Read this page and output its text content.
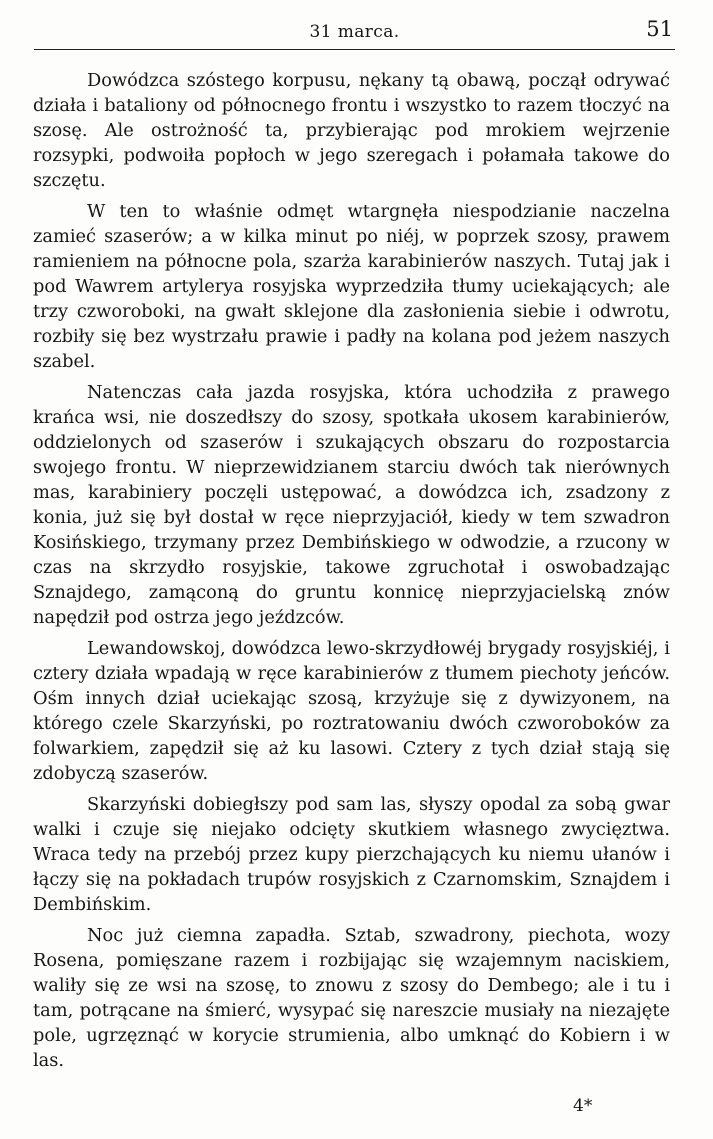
31 marca.	51

Dowódzca szóstego korpusu, nękany tą obawą, począł odrywać działa i bataliony od północnego frontu i wszystko to razem tłoczyć na szosę. Ale ostrożność ta, przybierając pod mrokiem wejrzenie rozsypki, podwoiła popłoch w jego szeregach i połamała takowe do szczętu.

W ten to właśnie odmęt wtargnęła niespodzianie naczelna zamieć szaserów; a w kilka minut po niéj, w poprzek szosy, prawem ramieniem na północne pola, szarża karabinierów naszych. Tutaj jak i pod Wawrem artylerya rosyjska wyprzedziła tłumy uciekających; ale trzy czworoboki, na gwałt sklejone dla zasłonienia siebie i odwrotu, rozbiły się bez wystrzału prawie i padły na kolana pod jeżem naszych szabel.

Natenczas cała jazda rosyjska, która uchodziła z prawego krańca wsi, nie doszedłszy do szosy, spotkała ukosem karabinierów, oddzielonych od szaserów i szukających obszaru do rozpostarcia swojego frontu. W nieprzewidzianem starciu dwóch tak nierównych mas, karabiniery poczęli ustępować, a dowódzca ich, zsadzony z konia, już się był dostał w ręce nieprzyjaciół, kiedy w tem szwadron Kosińskiego, trzymany przez Dembińskiego w odwodzie, a rzucony w czas na skrzydło rosyjskie, takowe zgruchotał i oswobadzając Sznajdego, zamąconą do gruntu konnicę nieprzyjacielską znów napędził pod ostrza jego jeźdzców.

Lewandowskoj, dowódzca lewo-skrzydłowéj brygady rosyjskiéj, i cztery działa wpadają w ręce karabinierów z tłumem piechoty jeńców. Ośm innych dział uciekając szosą, krzyżuje się z dywizyonem, na którego czele Skarzyński, po roztratowaniu dwóch czworoboków za folwarkiem, zapędził się aż ku lasowi. Cztery z tych dział stają się zdobyczą szaserów.

Skarzyński dobiegłszy pod sam las, słyszy opodal za sobą gwar walki i czuje się niejako odcięty skutkiem własnego zwycięztwa. Wraca tedy na przebój przez kupy pierzchających ku niemu ułanów i łączy się na pokładach trupów rosyjskich z Czarnomskim, Sznajdem i Dembińskim.

Noc już ciemna zapadła. Sztab, szwadrony, piechota, wozy Rosena, pomięszane razem i rozbijając się wzajemnym naciskiem, waliły się ze wsi na szosę, to znowu z szosy do Dembego; ale i tu i tam, potrącane na śmierć, wysypać się nareszcie musiały na niezajęte pole, ugrzęznąć w korycie strumienia, albo umknąć do Kobiern i w las.

4*
